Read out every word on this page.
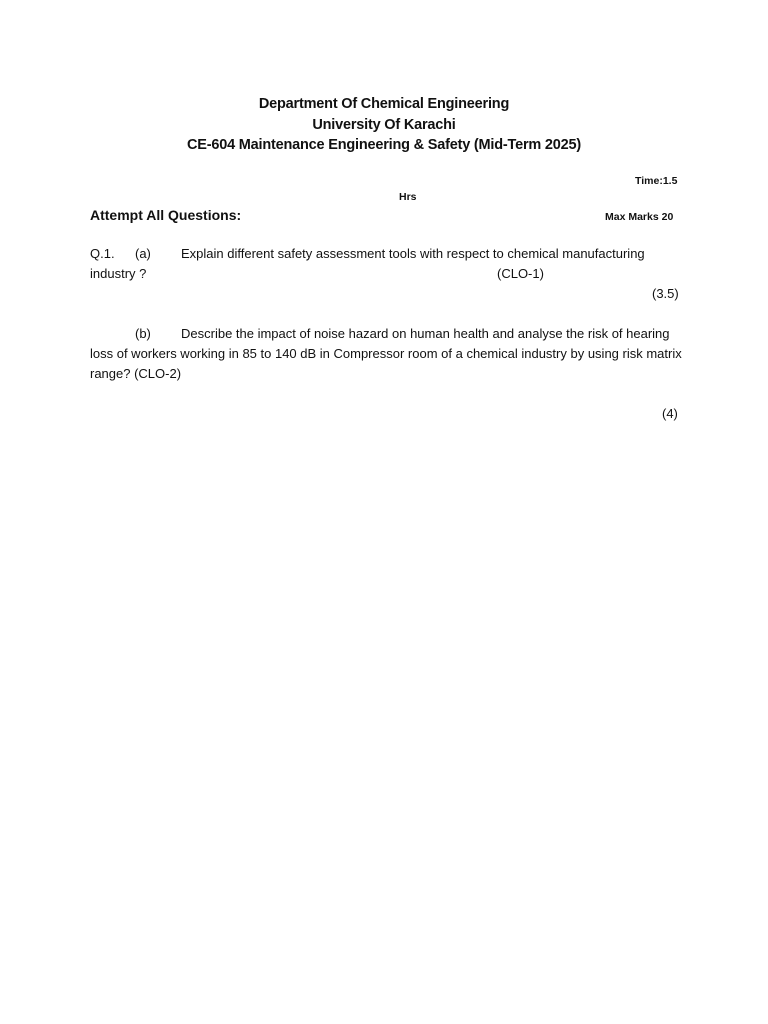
Department Of Chemical Engineering
University Of Karachi
CE-604 Maintenance Engineering & Safety (Mid-Term 2025)
Time:1.5
Hrs
Attempt All Questions:	Max Marks 20
Q.1. (a) Explain different safety assessment tools with respect to chemical manufacturing
industry ?	(CLO-1)
(3.5)
(b) Describe the impact of noise hazard on human health and analyse the risk of hearing
loss of workers working in 85 to 140 dB in Compressor room of a chemical industry by using risk matrix
range? (CLO-2)
(4)
